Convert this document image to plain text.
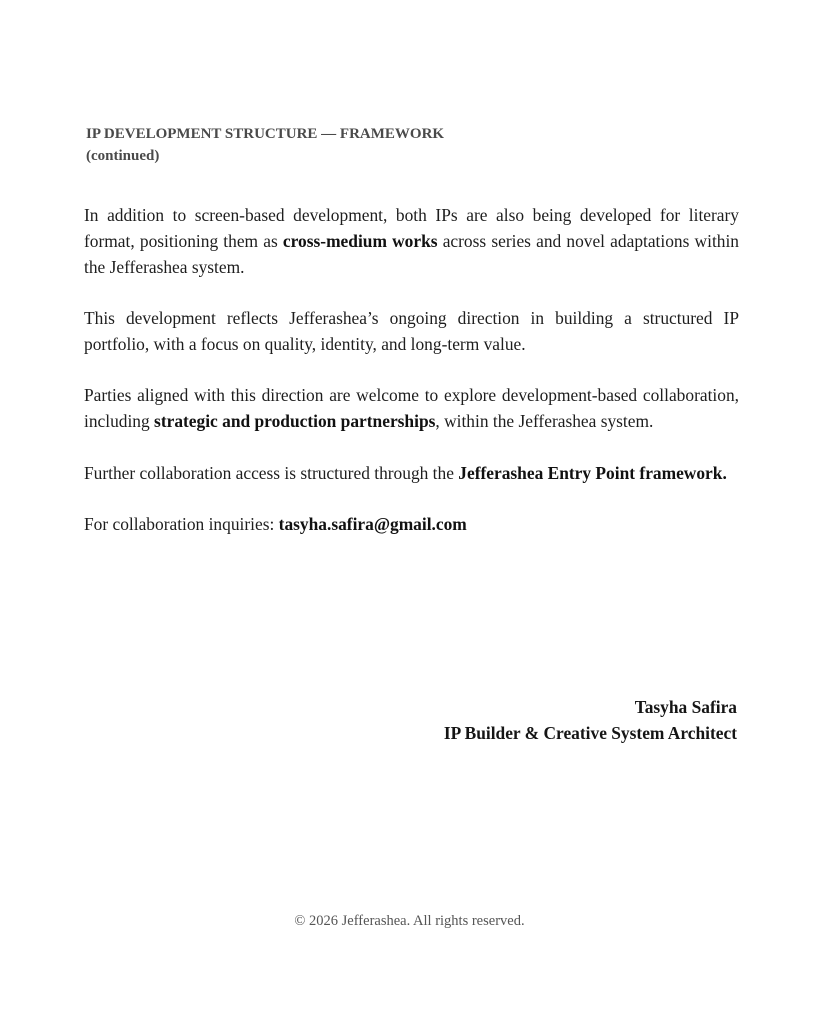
IP DEVELOPMENT STRUCTURE — FRAMEWORK
(continued)
In addition to screen-based development, both IPs are also being developed for literary format, positioning them as cross-medium works across series and novel adaptations within the Jefferashea system.
This development reflects Jefferashea’s ongoing direction in building a structured IP portfolio, with a focus on quality, identity, and long-term value.
Parties aligned with this direction are welcome to explore development-based collaboration, including strategic and production partnerships, within the Jefferashea system.
Further collaboration access is structured through the Jefferashea Entry Point framework.
For collaboration inquiries: tasyha.safira@gmail.com
Tasyha Safira
IP Builder & Creative System Architect
© 2026 Jefferashea. All rights reserved.
